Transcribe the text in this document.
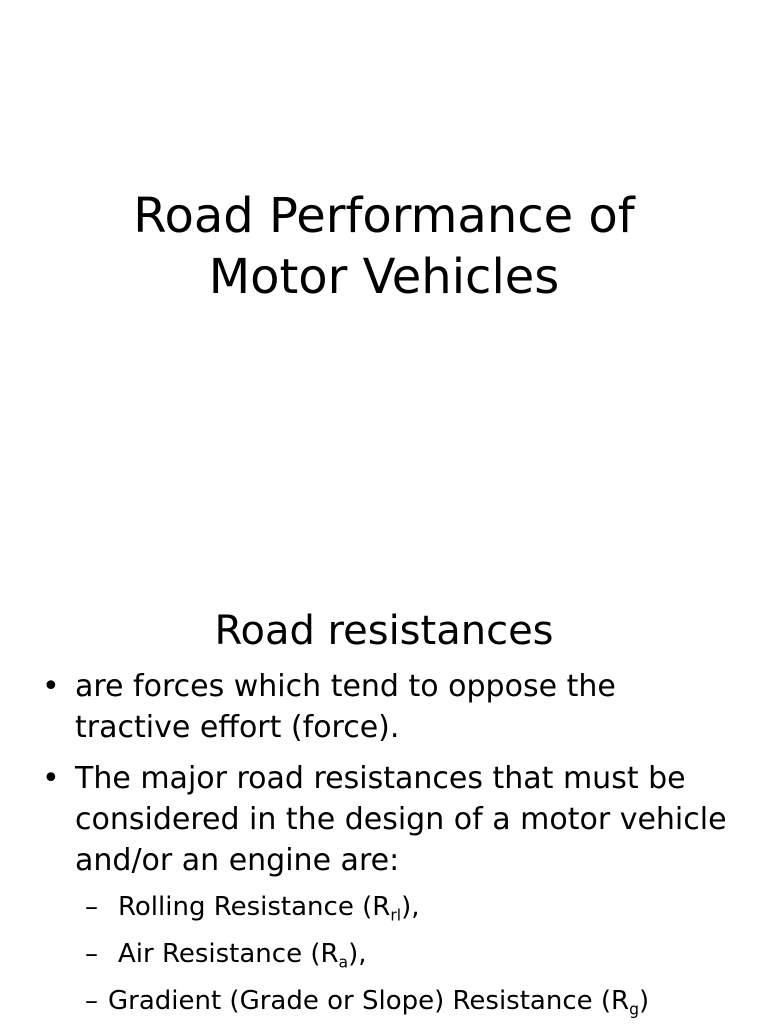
Road Performance of
Motor Vehicles
Road resistances
• are forces which tend to oppose the tractive effort (force).
• The major road resistances that must be considered in the design of a motor vehicle and/or an engine are:
– Rolling Resistance $(R_{rl})$,
– Air Resistance $(R_a)$,
– Gradient (Grade or Slope) Resistance $(R_g)$
